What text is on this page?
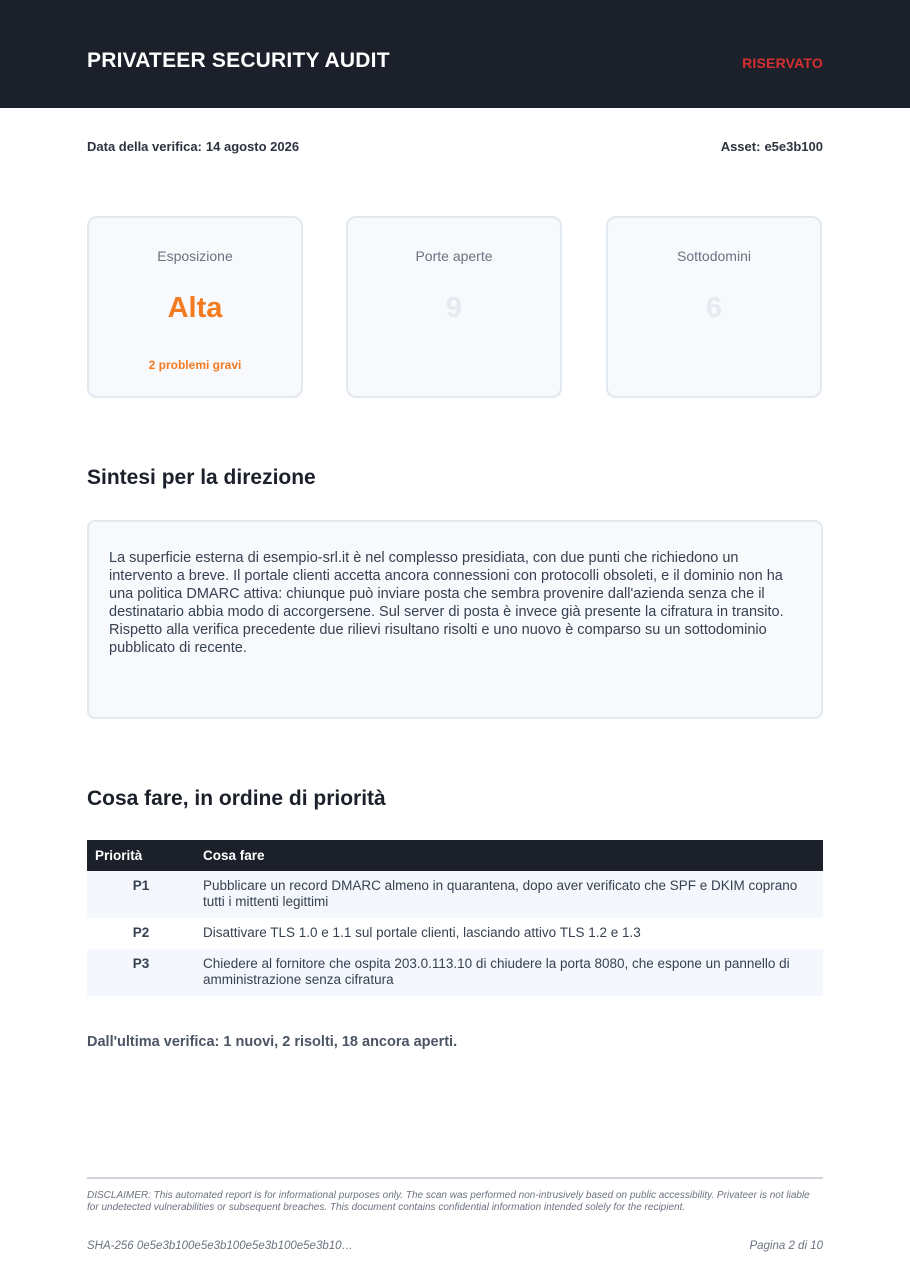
PRIVATEER SECURITY AUDIT	RISERVATO
Data della verifica: 14 agosto 2026	Asset: e5e3b100
Esposizione
Alta
2 problemi gravi
Porte aperte
9
Sottodomini
6
Sintesi per la direzione

La superficie esterna di esempio-srl.it è nel complesso presidiata, con due punti che richiedono un intervento a breve. Il portale clienti accetta ancora connessioni con protocolli obsoleti, e il dominio non ha una politica DMARC attiva: chiunque può inviare posta che sembra provenire dall'azienda senza che il destinatario abbia modo di accorgersene. Sul server di posta è invece già presente la cifratura in transito. Rispetto alla verifica precedente due rilievi risultano risolti e uno nuovo è comparso su un sottodominio pubblicato di recente.

Cosa fare, in ordine di priorità
Priorità	Cosa fare
P1	Pubblicare un record DMARC almeno in quarantena, dopo aver verificato che SPF e DKIM coprano tutti i mittenti legittimi
P2	Disattivare TLS 1.0 e 1.1 sul portale clienti, lasciando attivo TLS 1.2 e 1.3
P3	Chiedere al fornitore che ospita 203.0.113.10 di chiudere la porta 8080, che espone un pannello di amministrazione senza cifratura
Dall'ultima verifica: 1 nuovi, 2 risolti, 18 ancora aperti.
DISCLAIMER: This automated report is for informational purposes only. The scan was performed non-intrusively based on public accessibility. Privateer is not liable for undetected vulnerabilities or subsequent breaches. This document contains confidential information intended solely for the recipient.
SHA-256 0e5e3b100e5e3b100e5e3b100e5e3b10…	Pagina 2 di 10
